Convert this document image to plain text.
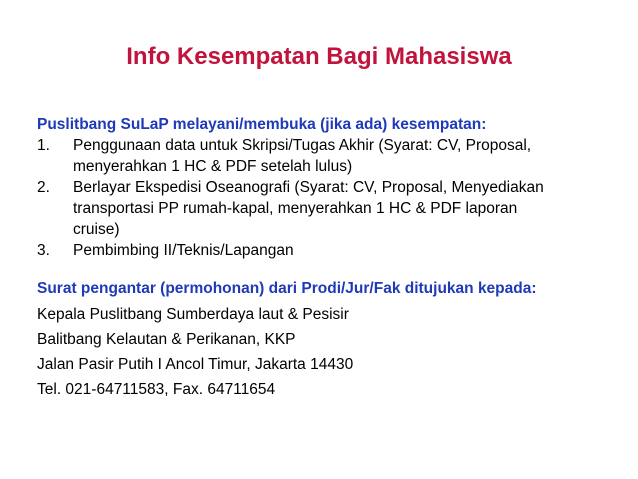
Info Kesempatan Bagi Mahasiswa
Puslitbang SuLaP melayani/membuka (jika ada) kesempatan:
1.	Penggunaan data untuk Skripsi/Tugas Akhir (Syarat: CV, Proposal,
menyerahkan 1 HC & PDF setelah lulus)
2.	Berlayar Ekspedisi Oseanografi (Syarat: CV, Proposal, Menyediakan
transportasi PP rumah-kapal, menyerahkan 1 HC & PDF laporan
cruise)
3.	Pembimbing II/Teknis/Lapangan
Surat pengantar (permohonan) dari Prodi/Jur/Fak ditujukan kepada:
Kepala Puslitbang Sumberdaya laut & Pesisir
Balitbang Kelautan & Perikanan, KKP
Jalan Pasir Putih I Ancol Timur, Jakarta 14430
Tel. 021-64711583, Fax. 64711654
